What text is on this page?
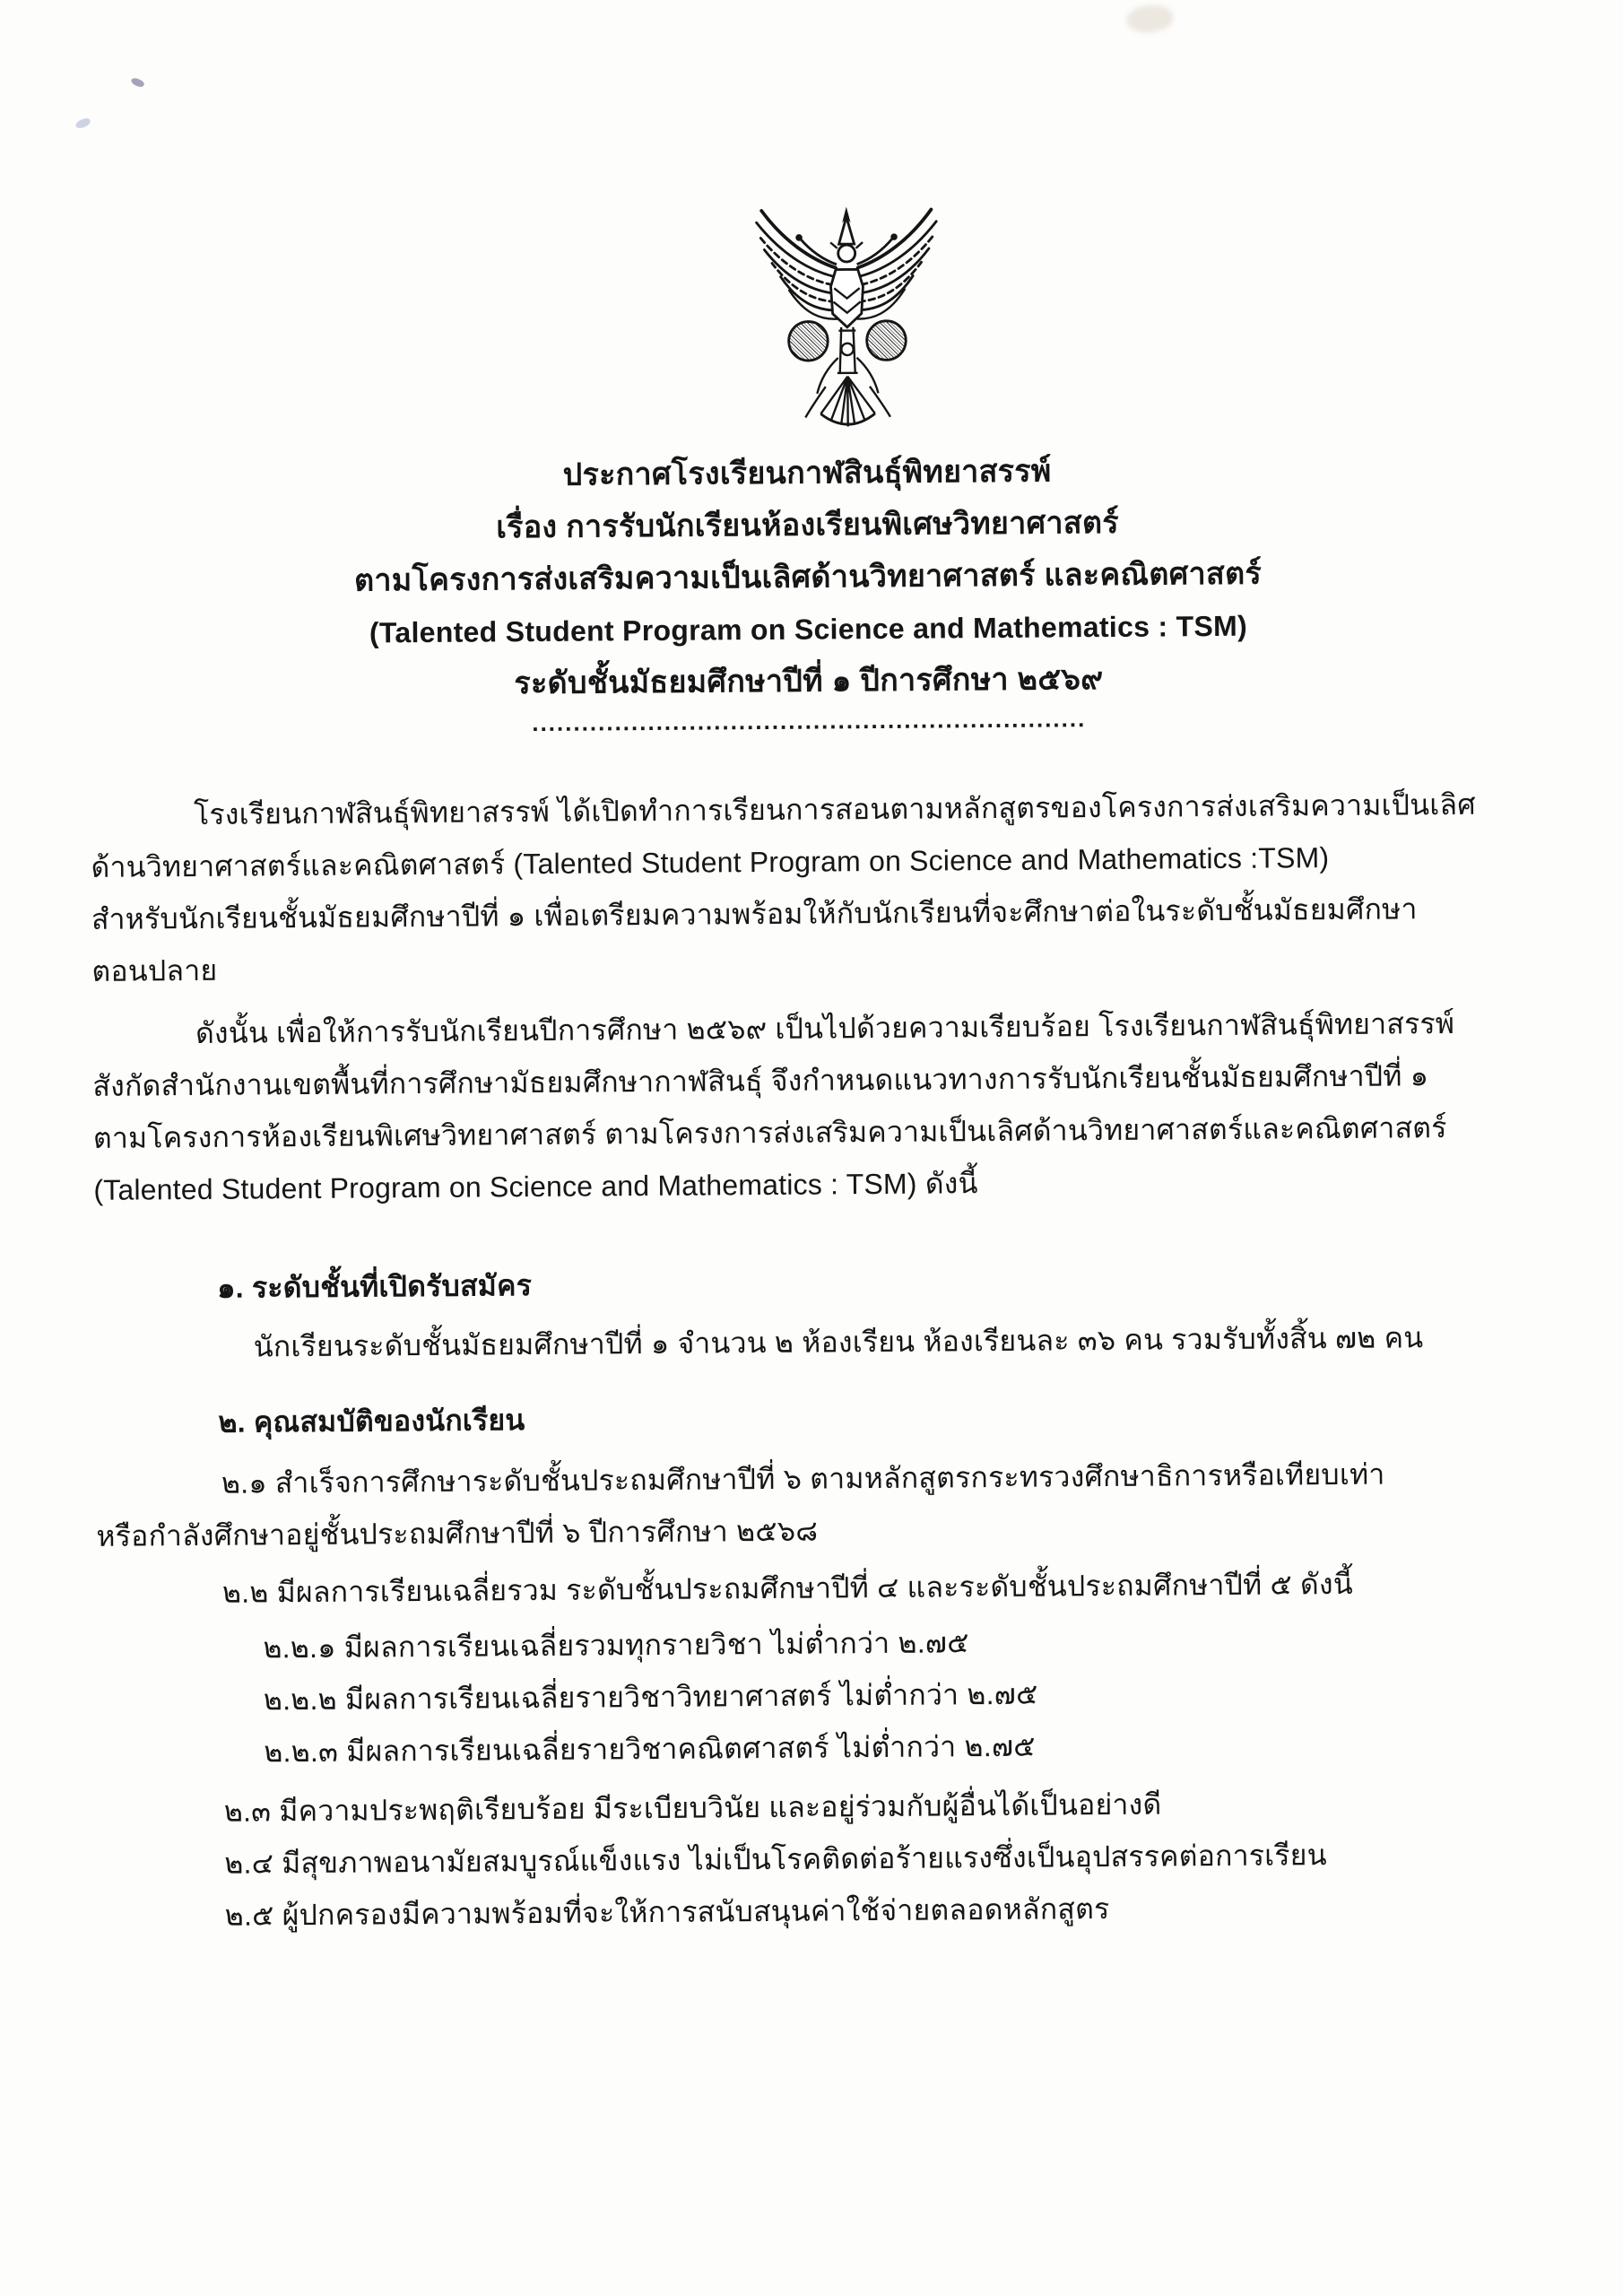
ประกาศโรงเรียนกาฬสินธุ์พิทยาสรรพ์
เรื่อง การรับนักเรียนห้องเรียนพิเศษวิทยาศาสตร์
ตามโครงการส่งเสริมความเป็นเลิศด้านวิทยาศาสตร์ และคณิตศาสตร์
(Talented Student Program on Science and Mathematics : TSM)
ระดับชั้นมัธยมศึกษาปีที่ ๑ ปีการศึกษา ๒๕๖๙
...................................................................
โรงเรียนกาฬสินธุ์พิทยาสรรพ์ ได้เปิดทำการเรียนการสอนตามหลักสูตรของโครงการส่งเสริมความเป็นเลิศ
ด้านวิทยาศาสตร์และคณิตศาสตร์ (Talented Student Program on Science and Mathematics :TSM)
สำหรับนักเรียนชั้นมัธยมศึกษาปีที่ ๑ เพื่อเตรียมความพร้อมให้กับนักเรียนที่จะศึกษาต่อในระดับชั้นมัธยมศึกษา
ตอนปลาย
ดังนั้น เพื่อให้การรับนักเรียนปีการศึกษา ๒๕๖๙ เป็นไปด้วยความเรียบร้อย โรงเรียนกาฬสินธุ์พิทยาสรรพ์
สังกัดสำนักงานเขตพื้นที่การศึกษามัธยมศึกษากาฬสินธุ์ จึงกำหนดแนวทางการรับนักเรียนชั้นมัธยมศึกษาปีที่ ๑
ตามโครงการห้องเรียนพิเศษวิทยาศาสตร์ ตามโครงการส่งเสริมความเป็นเลิศด้านวิทยาศาสตร์และคณิตศาสตร์
(Talented Student Program on Science and Mathematics : TSM) ดังนี้
๑. ระดับชั้นที่เปิดรับสมัคร
นักเรียนระดับชั้นมัธยมศึกษาปีที่ ๑ จำนวน ๒ ห้องเรียน ห้องเรียนละ ๓๖ คน รวมรับทั้งสิ้น ๗๒ คน
๒. คุณสมบัติของนักเรียน
๒.๑ สำเร็จการศึกษาระดับชั้นประถมศึกษาปีที่ ๖ ตามหลักสูตรกระทรวงศึกษาธิการหรือเทียบเท่า
หรือกำลังศึกษาอยู่ชั้นประถมศึกษาปีที่ ๖ ปีการศึกษา ๒๕๖๘
๒.๒ มีผลการเรียนเฉลี่ยรวม ระดับชั้นประถมศึกษาปีที่ ๔ และระดับชั้นประถมศึกษาปีที่ ๕ ดังนี้
๒.๒.๑ มีผลการเรียนเฉลี่ยรวมทุกรายวิชา ไม่ต่ำกว่า ๒.๗๕
๒.๒.๒ มีผลการเรียนเฉลี่ยรายวิชาวิทยาศาสตร์ ไม่ต่ำกว่า ๒.๗๕
๒.๒.๓ มีผลการเรียนเฉลี่ยรายวิชาคณิตศาสตร์ ไม่ต่ำกว่า ๒.๗๕
๒.๓ มีความประพฤติเรียบร้อย มีระเบียบวินัย และอยู่ร่วมกับผู้อื่นได้เป็นอย่างดี
๒.๔ มีสุขภาพอนามัยสมบูรณ์แข็งแรง ไม่เป็นโรคติดต่อร้ายแรงซึ่งเป็นอุปสรรคต่อการเรียน
๒.๕ ผู้ปกครองมีความพร้อมที่จะให้การสนับสนุนค่าใช้จ่ายตลอดหลักสูตร
